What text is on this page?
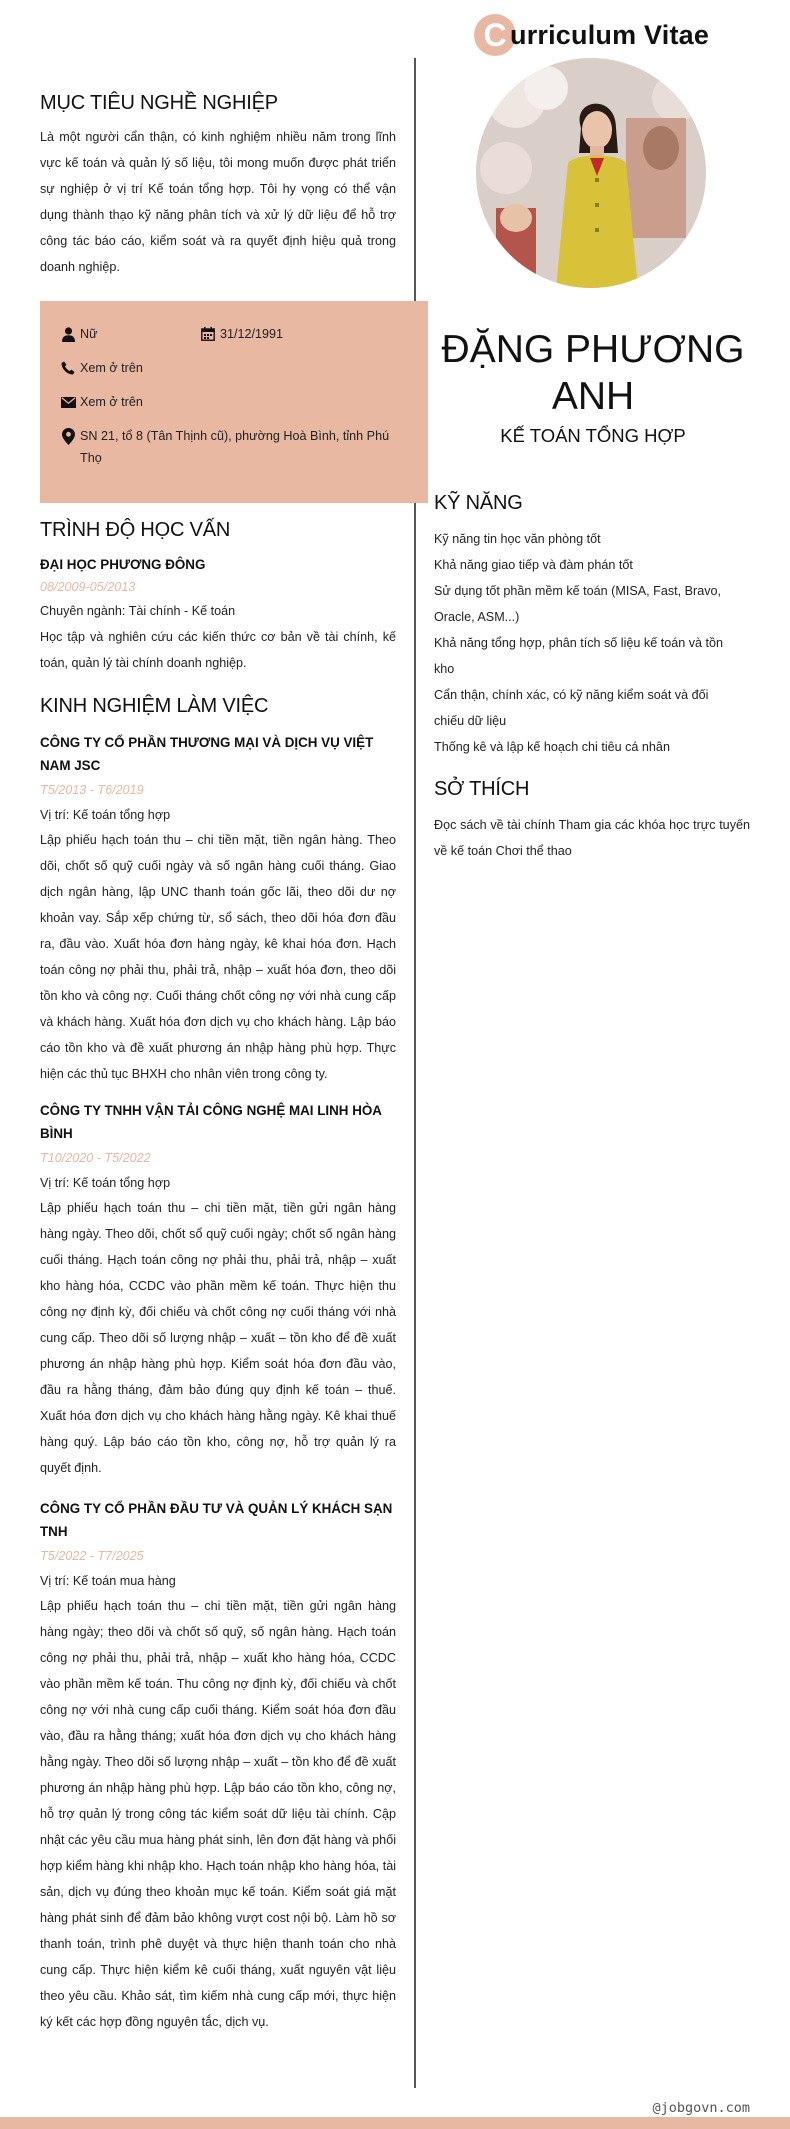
C urriculum Vitae
MỤC TIÊU NGHỀ NGHIỆP

Là một người cẩn thận, có kinh nghiệm nhiều năm trong lĩnh vực kế toán và quản lý số liệu, tôi mong muốn được phát triển sự nghiệp ở vị trí Kế toán tổng hợp. Tôi hy vọng có thể vận dụng thành thạo kỹ năng phân tích và xử lý dữ liệu để hỗ trợ công tác báo cáo, kiểm soát và ra quyết định hiệu quả trong doanh nghiệp.

Nữ	31/12/1991
Xem ở trên
Xem ở trên
SN 21, tổ 8 (Tân Thịnh cũ), phường Hoà Bình, tỉnh Phú Thọ
TRÌNH ĐỘ HỌC VẤN
ĐẠI HỌC PHƯƠNG ĐÔNG
08/2009-05/2013
Chuyên ngành: Tài chính - Kế toán

Học tập và nghiên cứu các kiến thức cơ bản về tài chính, kế toán, quản lý tài chính doanh nghiệp.

KINH NGHIỆM LÀM VIỆC
CÔNG TY CỔ PHẦN THƯƠNG MẠI VÀ DỊCH VỤ VIỆT NAM JSC
T5/2013 - T6/2019
Vị trí: Kế toán tổng hợp

Lập phiếu hạch toán thu – chi tiền mặt, tiền ngân hàng. Theo dõi, chốt số quỹ cuối ngày và số ngân hàng cuối tháng. Giao dịch ngân hàng, lập UNC thanh toán gốc lãi, theo dõi dư nợ khoản vay. Sắp xếp chứng từ, sổ sách, theo dõi hóa đơn đầu ra, đầu vào. Xuất hóa đơn hàng ngày, kê khai hóa đơn. Hạch toán công nợ phải thu, phải trả, nhập – xuất hóa đơn, theo dõi tồn kho và công nợ. Cuối tháng chốt công nợ với nhà cung cấp và khách hàng. Xuất hóa đơn dịch vụ cho khách hàng. Lập báo cáo tồn kho và đề xuất phương án nhập hàng phù hợp. Thực hiện các thủ tục BHXH cho nhân viên trong công ty.

CÔNG TY TNHH VẬN TẢI CÔNG NGHỆ MAI LINH HÒA BÌNH
T10/2020 - T5/2022
Vị trí: Kế toán tổng hợp

Lập phiếu hạch toán thu – chi tiền mặt, tiền gửi ngân hàng hàng ngày. Theo dõi, chốt sổ quỹ cuối ngày; chốt số ngân hàng cuối tháng. Hạch toán công nợ phải thu, phải trả, nhập – xuất kho hàng hóa, CCDC vào phần mềm kế toán. Thực hiện thu công nợ định kỳ, đối chiếu và chốt công nợ cuối tháng với nhà cung cấp. Theo dõi số lượng nhập – xuất – tồn kho để đề xuất phương án nhập hàng phù hợp. Kiểm soát hóa đơn đầu vào, đầu ra hằng tháng, đảm bảo đúng quy định kế toán – thuế. Xuất hóa đơn dịch vụ cho khách hàng hằng ngày. Kê khai thuế hàng quý. Lập báo cáo tồn kho, công nợ, hỗ trợ quản lý ra quyết định.

CÔNG TY CỔ PHẦN ĐẦU TƯ VÀ QUẢN LÝ KHÁCH SẠN TNH
T5/2022 - T7/2025
Vị trí: Kế toán mua hàng

Lập phiếu hạch toán thu – chi tiền mặt, tiền gửi ngân hàng hàng ngày; theo dõi và chốt số quỹ, số ngân hàng. Hạch toán công nợ phải thu, phải trả, nhập – xuất kho hàng hóa, CCDC vào phần mềm kế toán. Thu công nợ định kỳ, đối chiếu và chốt công nợ với nhà cung cấp cuối tháng. Kiểm soát hóa đơn đầu vào, đầu ra hằng tháng; xuất hóa đơn dịch vụ cho khách hàng hằng ngày. Theo dõi số lượng nhập – xuất – tồn kho để đề xuất phương án nhập hàng phù hợp. Lập báo cáo tồn kho, công nợ, hỗ trợ quản lý trong công tác kiểm soát dữ liệu tài chính. Cập nhật các yêu cầu mua hàng phát sinh, lên đơn đặt hàng và phối hợp kiểm hàng khi nhập kho. Hạch toán nhập kho hàng hóa, tài sản, dịch vụ đúng theo khoản mục kế toán. Kiểm soát giá mặt hàng phát sinh để đảm bảo không vượt cost nội bộ. Làm hồ sơ thanh toán, trình phê duyệt và thực hiện thanh toán cho nhà cung cấp. Thực hiện kiểm kê cuối tháng, xuất nguyên vật liệu theo yêu cầu. Khảo sát, tìm kiếm nhà cung cấp mới, thực hiện ký kết các hợp đồng nguyên tắc, dịch vụ.

ĐẶNG PHƯƠNG ANH
KẾ TOÁN TỔNG HỢP
KỸ NĂNG
Kỹ năng tin học văn phòng tốt
Khả năng giao tiếp và đàm phán tốt
Sử dụng tốt phần mềm kế toán (MISA, Fast, Bravo, Oracle, ASM...)
Khả năng tổng hợp, phân tích số liệu kế toán và tồn kho
Cẩn thận, chính xác, có kỹ năng kiểm soát và đối chiếu dữ liệu
Thống kê và lập kế hoạch chi tiêu cá nhân
SỞ THÍCH

Đọc sách về tài chính Tham gia các khóa học trực tuyến về kế toán Chơi thể thao

@jobgovn.com
